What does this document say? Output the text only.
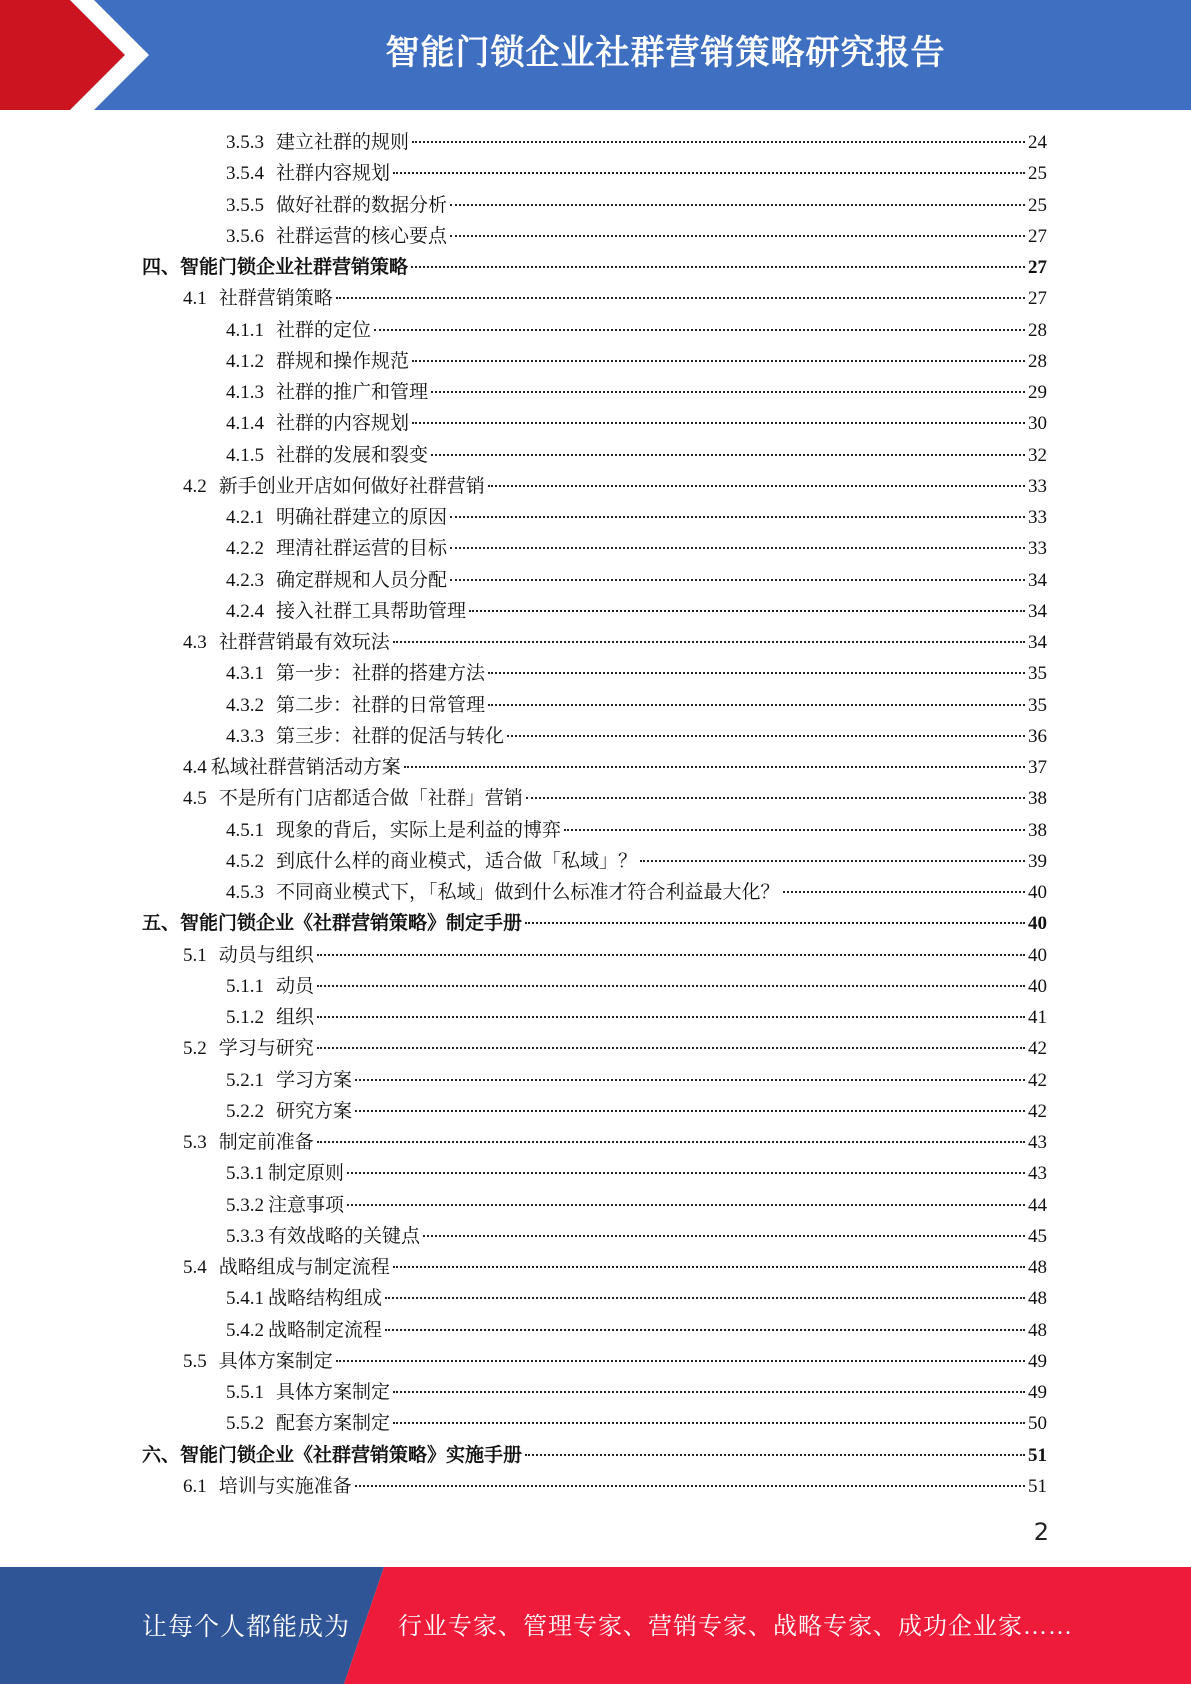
智能门锁企业社群营销策略研究报告
3.5.3 建立社群的规则	24
3.5.4 社群内容规划	25
3.5.5 做好社群的数据分析	25
3.5.6 社群运营的核心要点	27
四、 智能门锁企业社群营销策略	27
4.1 社群营销策略	27
4.1.1 社群的定位	28
4.1.2 群规和操作规范	28
4.1.3 社群的推广和管理	29
4.1.4 社群的内容规划	30
4.1.5 社群的发展和裂变	32
4.2 新手创业开店如何做好社群营销	33
4.2.1 明确社群建立的原因	33
4.2.2 理清社群运营的目标	33
4.2.3 确定群规和人员分配	34
4.2.4 接入社群工具帮助管理	34
4.3 社群营销最有效玩法	34
4.3.1 第一步：社群的搭建方法	35
4.3.2 第二步：社群的日常管理	35
4.3.3 第三步：社群的促活与转化	36
4.4 私域社群营销活动方案	37
4.5 不是所有门店都适合做「社群」营销	38
4.5.1 现象的背后，实际上是利益的博弈	38
4.5.2 到底什么样的商业模式，适合做「私域」？	39
4.5.3 不同商业模式下，「私域」做到什么标准才符合利益最大化？	40
五、 智能门锁企业《社群营销策略》制定手册	40
5.1 动员与组织	40
5.1.1 动员	40
5.1.2 组织	41
5.2 学习与研究	42
5.2.1 学习方案	42
5.2.2 研究方案	42
5.3 制定前准备	43
5.3.1 制定原则	43
5.3.2 注意事项	44
5.3.3 有效战略的关键点	45
5.4 战略组成与制定流程	48
5.4.1 战略结构组成	48
5.4.2 战略制定流程	48
5.5 具体方案制定	49
5.5.1 具体方案制定	49
5.5.2 配套方案制定	50
六、 智能门锁企业《社群营销策略》实施手册	51
6.1 培训与实施准备	51
2
让每个人都能成为 行业专家、管理专家、营销专家、战略专家、成功企业家……
